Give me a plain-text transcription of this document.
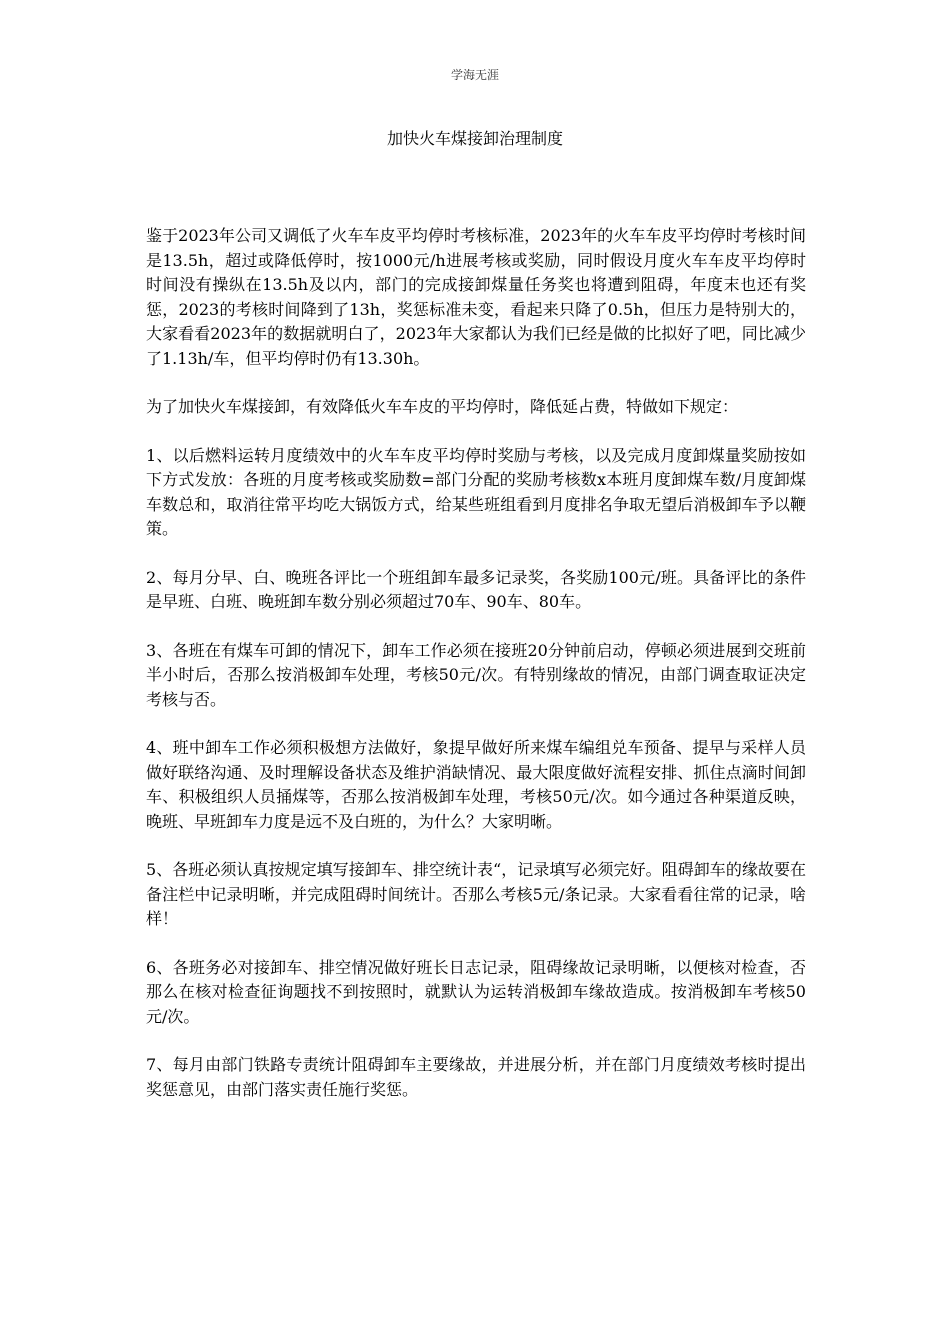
学海无涯
加快火车煤接卸治理制度

鉴于2023年公司又调低了火车车皮平均停时考核标准，2023年的火车车皮平均停时考核时间是13.5h，超过或降低停时，按1000元/h进展考核或奖励，同时假设月度火车车皮平均停时时间没有操纵在13.5h及以内，部门的完成接卸煤量任务奖也将遭到阻碍，年度末也还有奖惩，2023的考核时间降到了13h，奖惩标准未变，看起来只降了0.5h，但压力是特别大的，大家看看2023年的数据就明白了，2023年大家都认为我们已经是做的比拟好了吧，同比减少了1.13h/车，但平均停时仍有13.30h。

为了加快火车煤接卸，有效降低火车车皮的平均停时，降低延占费，特做如下规定：

1、以后燃料运转月度绩效中的火车车皮平均停时奖励与考核，以及完成月度卸煤量奖励按如下方式发放：各班的月度考核或奖励数=部门分配的奖励考核数x本班月度卸煤车数/月度卸煤车数总和，取消往常平均吃大锅饭方式，给某些班组看到月度排名争取无望后消极卸车予以鞭策。

2、每月分早、白、晚班各评比一个班组卸车最多记录奖，各奖励100元/班。具备评比的条件是早班、白班、晚班卸车数分别必须超过70车、90车、80车。

3、各班在有煤车可卸的情况下，卸车工作必须在接班20分钟前启动，停顿必须进展到交班前半小时后，否那么按消极卸车处理，考核50元/次。有特别缘故的情况，由部门调查取证决定考核与否。

4、班中卸车工作必须积极想方法做好，象提早做好所来煤车编组兑车预备、提早与采样人员做好联络沟通、及时理解设备状态及维护消缺情况、最大限度做好流程安排、抓住点滴时间卸车、积极组织人员捅煤等，否那么按消极卸车处理，考核50元/次。如今通过各种渠道反映，晚班、早班卸车力度是远不及白班的，为什么？大家明晰。

5、各班必须认真按规定填写接卸车、排空统计表“，记录填写必须完好。阻碍卸车的缘故要在备注栏中记录明晰，并完成阻碍时间统计。否那么考核5元/条记录。大家看看往常的记录，啥样！

6、各班务必对接卸车、排空情况做好班长日志记录，阻碍缘故记录明晰，以便核对检查，否那么在核对检查征询题找不到按照时，就默认为运转消极卸车缘故造成。按消极卸车考核50元/次。

7、每月由部门铁路专责统计阻碍卸车主要缘故，并进展分析，并在部门月度绩效考核时提出奖惩意见，由部门落实责任施行奖惩。
